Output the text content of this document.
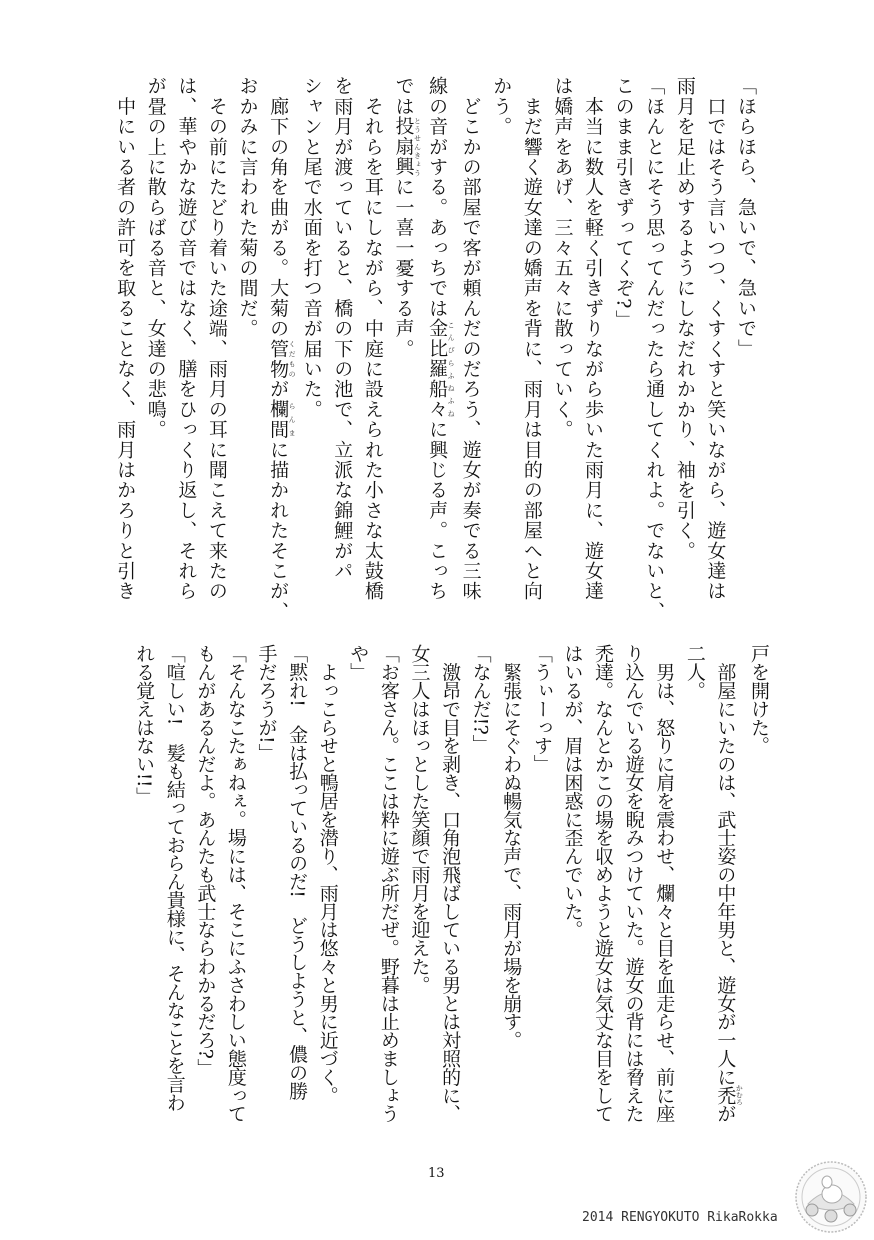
「ほらほら、急いで、急いで」
　口ではそう言いつつ、くすくすと笑いながら、遊女達は
雨月を足止めするようにしなだれかかり、袖を引く。
「ほんとにそう思ってんだったら通してくれよ。でないと、
このまま引きずってくぞ?」
　本当に数人を軽く引きずりながら歩いた雨月に、遊女達
は嬌声をあげ、三々五々に散っていく。
　まだ響く遊女達の嬌声を背に、雨月は目的の部屋へと向
かう。
　どこかの部屋で客が頼んだのだろう、遊女が奏でる三味
線の音がする。あっちでは金比羅船々 こんぴらふねふねに興じる声。こっち
では投扇興 とうせんきょうに一喜一憂する声。
　それらを耳にしながら、中庭に設えられた小さな太鼓橋
を雨月が渡っていると、橋の下の池で、立派な錦鯉がパ
シャンと尾で水面を打つ音が届いた。
　廊下の角を曲がる。大菊の管物 くだものが欄間 らんまに描かれたそこが、
おかみに言われた菊の間だ。
　その前にたどり着いた途端、雨月の耳に聞こえて来たの
は、華やかな遊び音ではなく、膳をひっくり返し、それら
が畳の上に散らばる音と、女達の悲鳴。
　中にいる者の許可を取ることなく、雨月はかろりと引き
戸を開けた。
　部屋にいたのは、武士姿の中年男と、遊女が一人に禿 かむろが
二人。
　男は、怒りに肩を震わせ、爛々と目を血走らせ、前に座
り込んでいる遊女を睨みつけていた。遊女の背には脅えた
禿達。なんとかこの場を収めようと遊女は気丈な目をして
はいるが、眉は困惑に歪んでいた。
「うぃーっす」
　緊張にそぐわぬ暢気な声で、雨月が場を崩す。
「なんだ!?」
　激昂で目を剥き、口角泡飛ばしている男とは対照的に、
女三人はほっとした笑顔で雨月を迎えた。
「お客さん。ここは粋に遊ぶ所だぜ。野暮は止めましょう
や」
　よっこらせと鴨居を潜り、雨月は悠々と男に近づく。
「黙れ!　金は払っているのだ!　どうしようと、儂の勝
手だろうが!」
「そんなこたぁねぇ。場には、そこにふさわしい態度って
もんがあるんだよ。あんたも武士ならわかるだろ?」
「喧しい!　髪も結っておらん貴様に、そんなことを言わ
れる覚えはない!!」
13
2014 RENGYOKUTO RikaRokka
